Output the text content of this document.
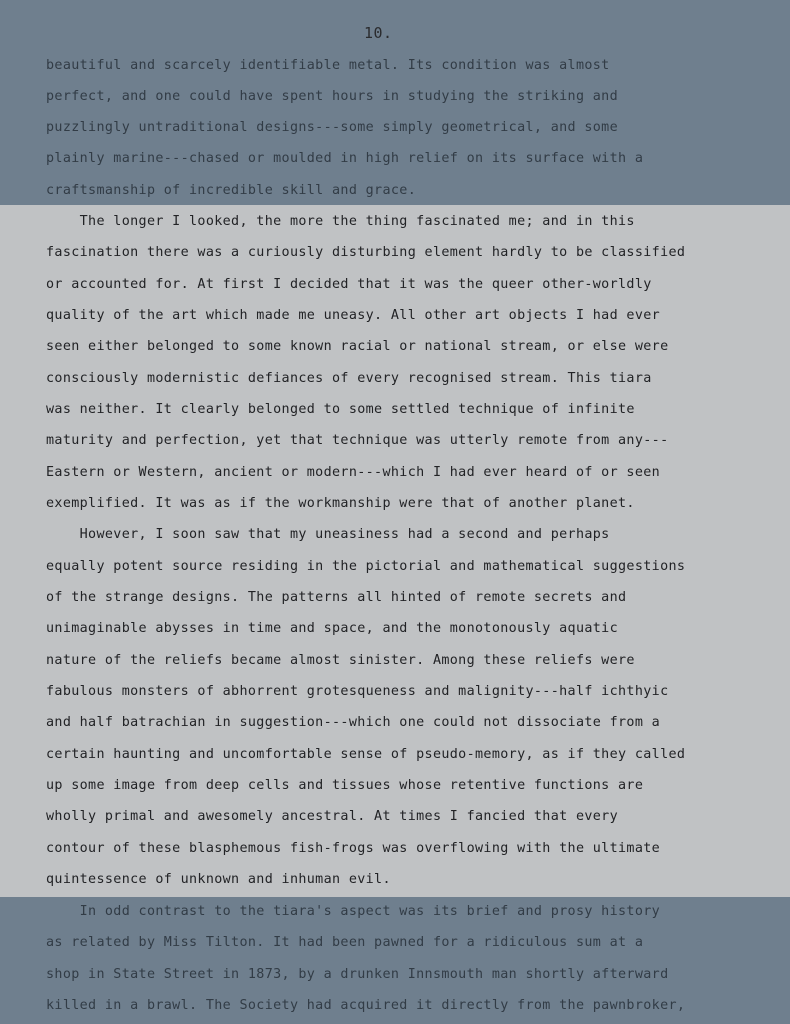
10.
beautiful and scarcely identifiable metal. Its condition was almost
perfect, and one could have spent hours in studying the striking and
puzzlingly untraditional designs---some simply geometrical, and some
plainly marine---chased or moulded in high relief on its surface with a
craftsmanship of incredible skill and grace.
The longer I looked, the more the thing fascinated me; and in this
fascination there was a curiously disturbing element hardly to be classified
or accounted for. At first I decided that it was the queer other-worldly
quality of the art which made me uneasy. All other art objects I had ever
seen either belonged to some known racial or national stream, or else were
consciously modernistic defiances of every recognised stream. This tiara
was neither. It clearly belonged to some settled technique of infinite
maturity and perfection, yet that technique was utterly remote from any---
Eastern or Western, ancient or modern---which I had ever heard of or seen
exemplified. It was as if the workmanship were that of another planet.
However, I soon saw that my uneasiness had a second and perhaps
equally potent source residing in the pictorial and mathematical suggestions
of the strange designs. The patterns all hinted of remote secrets and
unimaginable abysses in time and space, and the monotonously aquatic
nature of the reliefs became almost sinister. Among these reliefs were
fabulous monsters of abhorrent grotesqueness and malignity---half ichthyic
and half batrachian in suggestion---which one could not dissociate from a
certain haunting and uncomfortable sense of pseudo-memory, as if they called
up some image from deep cells and tissues whose retentive functions are
wholly primal and awesomely ancestral. At times I fancied that every
contour of these blasphemous fish-frogs was overflowing with the ultimate
quintessence of unknown and inhuman evil.
In odd contrast to the tiara's aspect was its brief and prosy history
as related by Miss Tilton. It had been pawned for a ridiculous sum at a
shop in State Street in 1873, by a drunken Innsmouth man shortly afterward
killed in a brawl. The Society had acquired it directly from the pawnbroker,
